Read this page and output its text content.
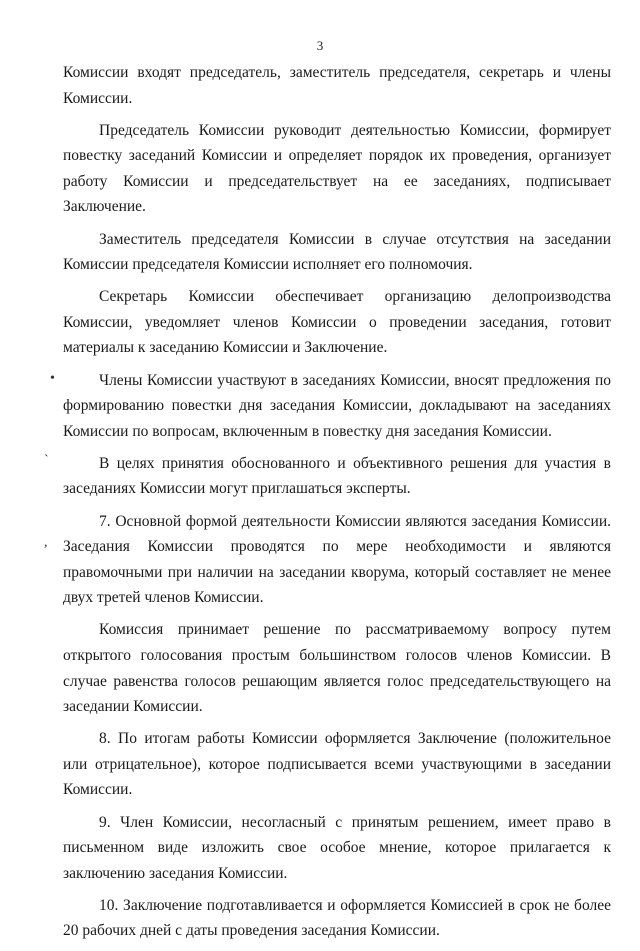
3
•
ˋ
,

Комиссии входят председатель, заместитель председателя, секретарь и члены Комиссии.

Председатель Комиссии руководит деятельностью Комиссии, формирует повестку заседаний Комиссии и определяет порядок их проведения, организует работу Комиссии и председательствует на ее заседаниях, подписывает Заключение.

Заместитель председателя Комиссии в случае отсутствия на заседании Комиссии председателя Комиссии исполняет его полномочия.

Секретарь Комиссии обеспечивает организацию делопроизводства Комиссии, уведомляет членов Комиссии о проведении заседания, готовит материалы к заседанию Комиссии и Заключение.

Члены Комиссии участвуют в заседаниях Комиссии, вносят предложения по формированию повестки дня заседания Комиссии, докладывают на заседаниях Комиссии по вопросам, включенным в повестку дня заседания Комиссии.

В целях принятия обоснованного и объективного решения для участия в заседаниях Комиссии могут приглашаться эксперты.

7. Основной формой деятельности Комиссии являются заседания Комиссии. Заседания Комиссии проводятся по мере необходимости и являются правомочными при наличии на заседании кворума, который составляет не менее двух третей членов Комиссии.

Комиссия принимает решение по рассматриваемому вопросу путем открытого голосования простым большинством голосов членов Комиссии. В случае равенства голосов решающим является голос председательствующего на заседании Комиссии.

8. По итогам работы Комиссии оформляется Заключение (положительное или отрицательное), которое подписывается всеми участвующими в заседании Комиссии.

9. Член Комиссии, несогласный с принятым решением, имеет право в письменном виде изложить свое особое мнение, которое прилагается к заключению заседания Комиссии.

10. Заключение подготавливается и оформляется Комиссией в срок не более 20 рабочих дней с даты проведения заседания Комиссии.
